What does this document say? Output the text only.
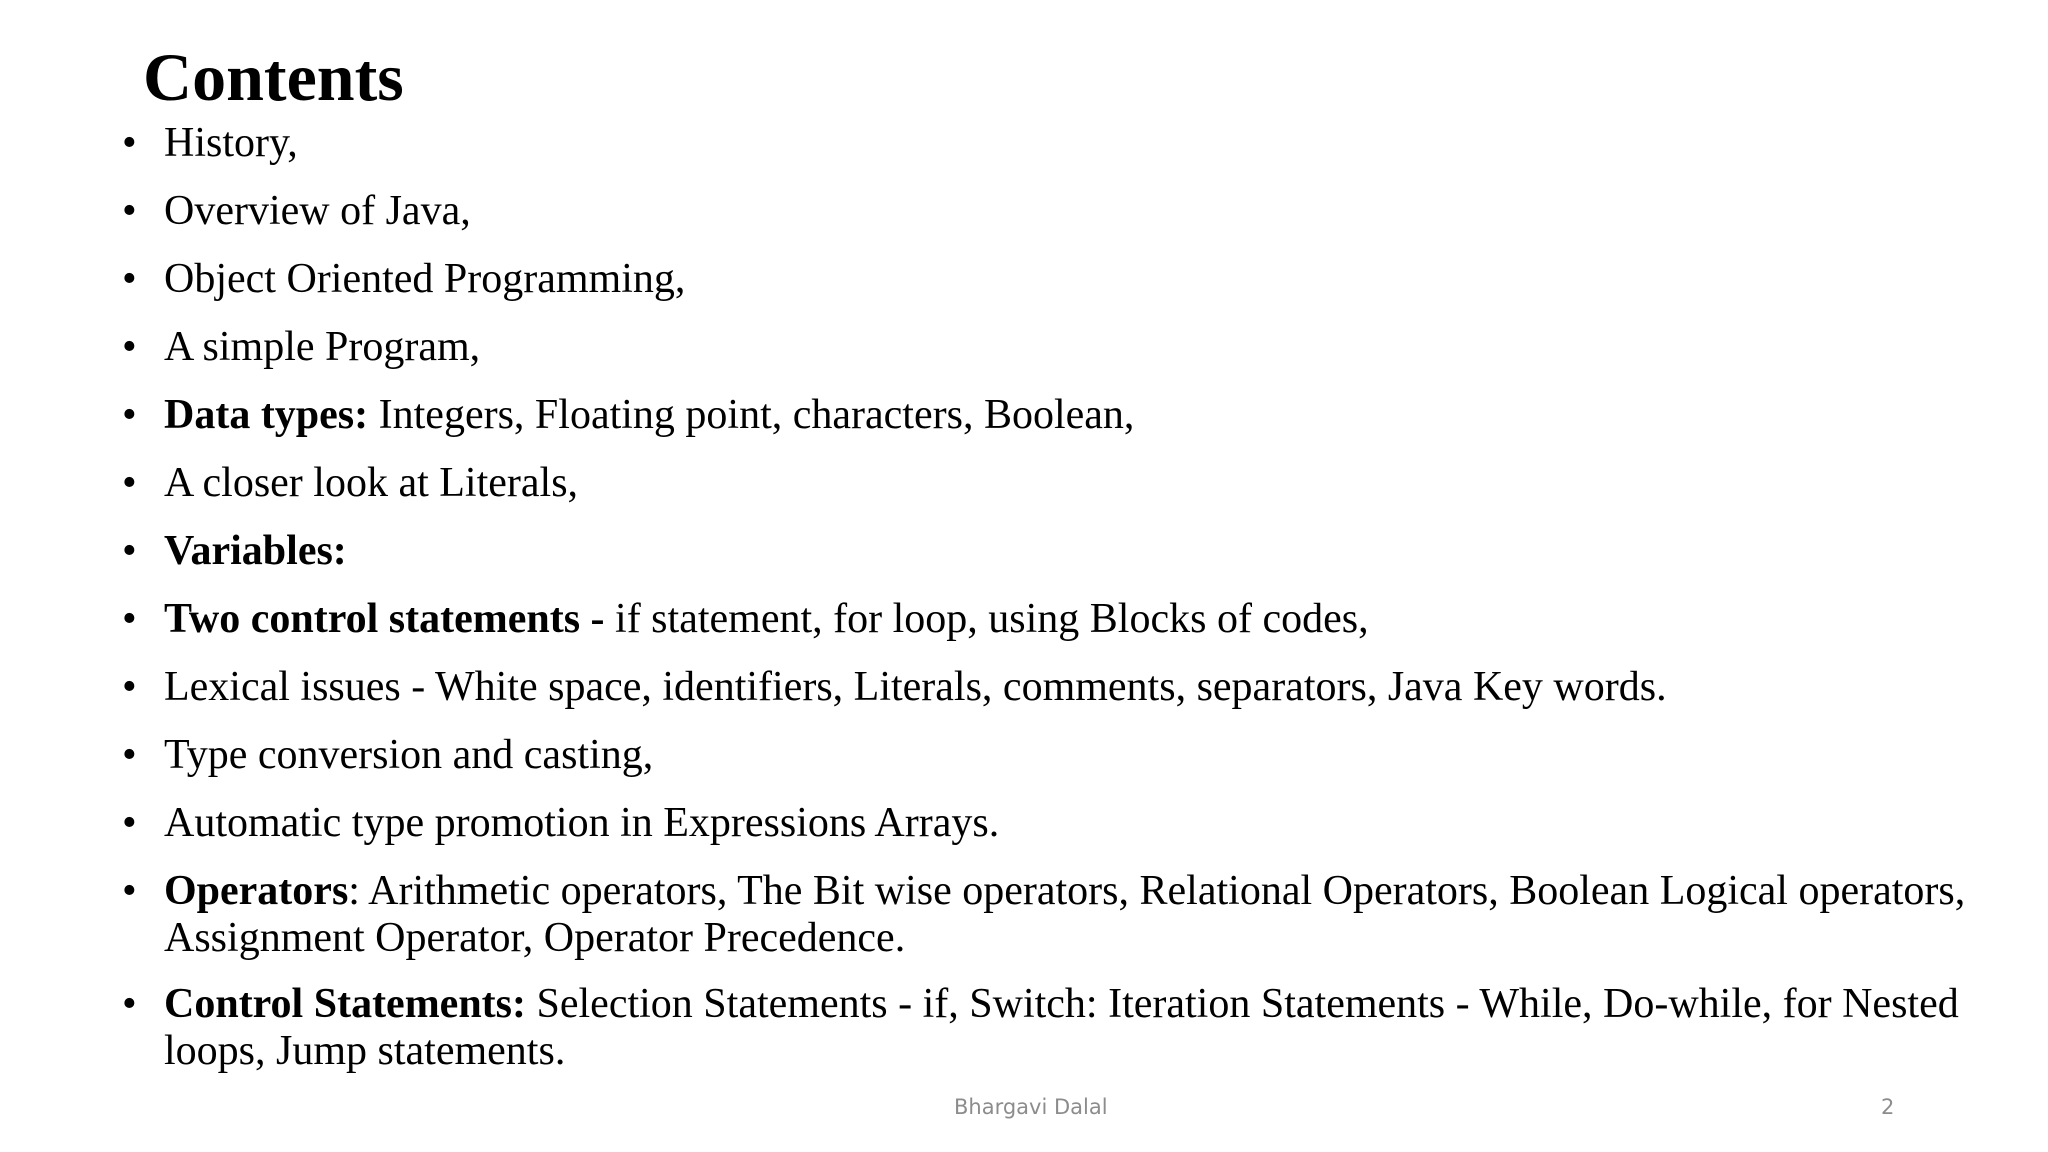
Contents
• History,
• Overview of Java,
• Object Oriented Programming,
• A simple Program,
• Data types: Integers, Floating point, characters, Boolean,
• A closer look at Literals,
• Variables:
• Two control statements - if statement, for loop, using Blocks of codes,
• Lexical issues - White space, identifiers, Literals, comments, separators, Java Key words.
• Type conversion and casting,
• Automatic type promotion in Expressions Arrays.
• Operators: Arithmetic operators, The Bit wise operators, Relational Operators, Boolean Logical operators, Assignment Operator, Operator Precedence.
• Control Statements: Selection Statements - if, Switch: Iteration Statements - While, Do-while, for Nested loops, Jump statements.
Bhargavi Dalal	2
